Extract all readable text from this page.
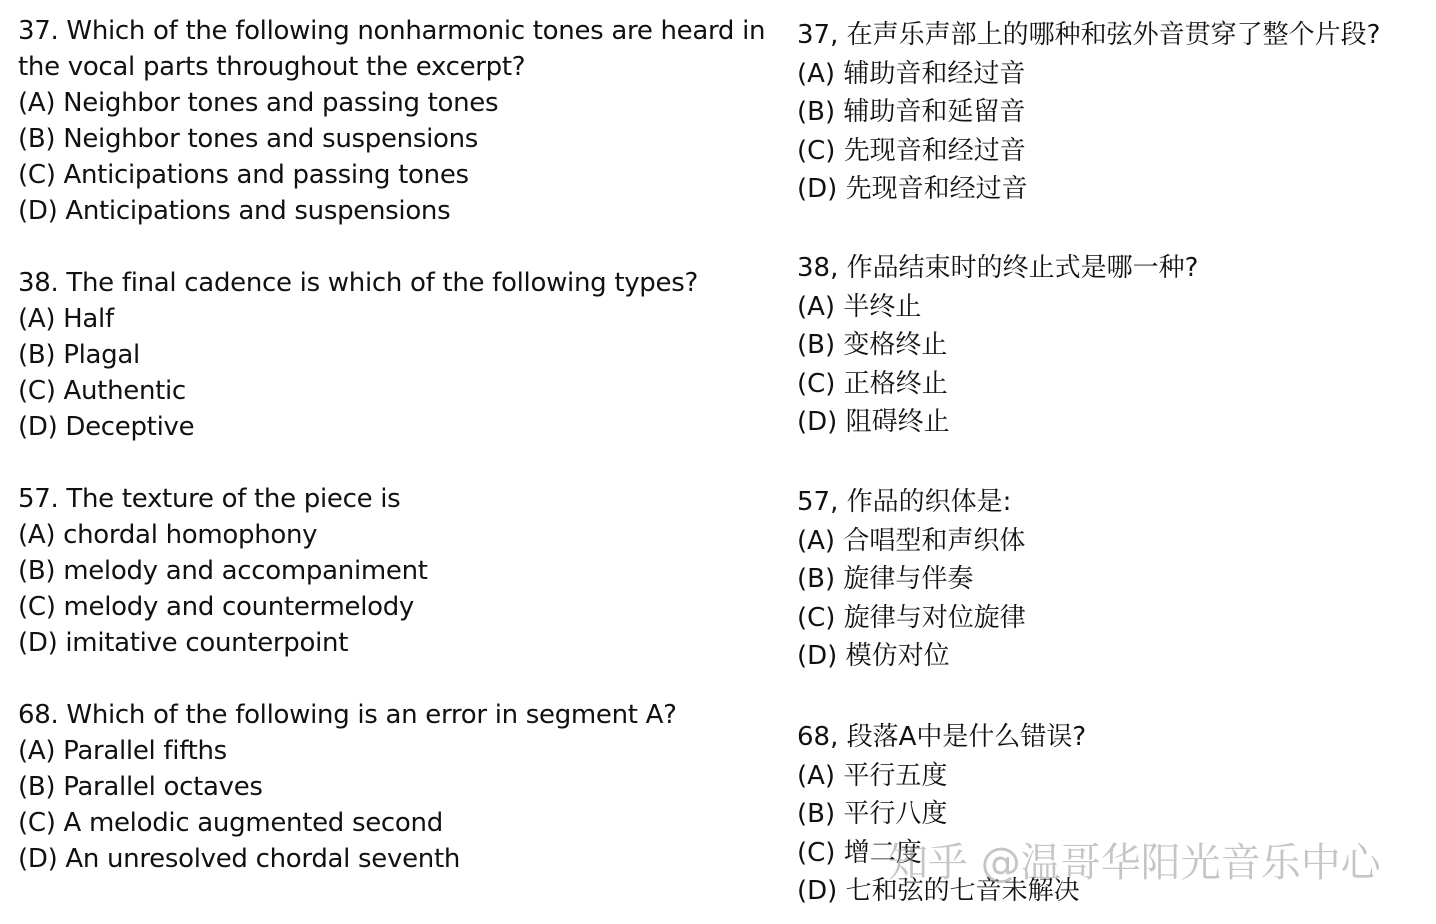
37. Which of the following nonharmonic tones are heard in
the vocal parts throughout the excerpt?
(A) Neighbor tones and passing tones
(B) Neighbor tones and suspensions
(C) Anticipations and passing tones
(D) Anticipations and suspensions
38. The final cadence is which of the following types?
(A) Half
(B) Plagal
(C) Authentic
(D) Deceptive
57. The texture of the piece is
(A) chordal homophony
(B) melody and accompaniment
(C) melody and countermelody
(D) imitative counterpoint
68. Which of the following is an error in segment A?
(A) Parallel fifths
(B) Parallel octaves
(C) A melodic augmented second
(D) An unresolved chordal seventh
37, 在声乐声部上的哪种和弦外音贯穿了整个片段?
(A) 辅助音和经过音
(B) 辅助音和延留音
(C) 先现音和经过音
(D) 先现音和经过音
38, 作品结束时的终止式是哪一种?
(A) 半终止
(B) 变格终止
(C) 正格终止
(D) 阻碍终止
57, 作品的织体是:
(A) 合唱型和声织体
(B) 旋律与伴奏
(C) 旋律与对位旋律
(D) 模仿对位
68, 段落A中是什么错误?
(A) 平行五度
(B) 平行八度
(C) 增二度
(D) 七和弦的七音未解决
知乎 @温哥华阳光音乐中心
